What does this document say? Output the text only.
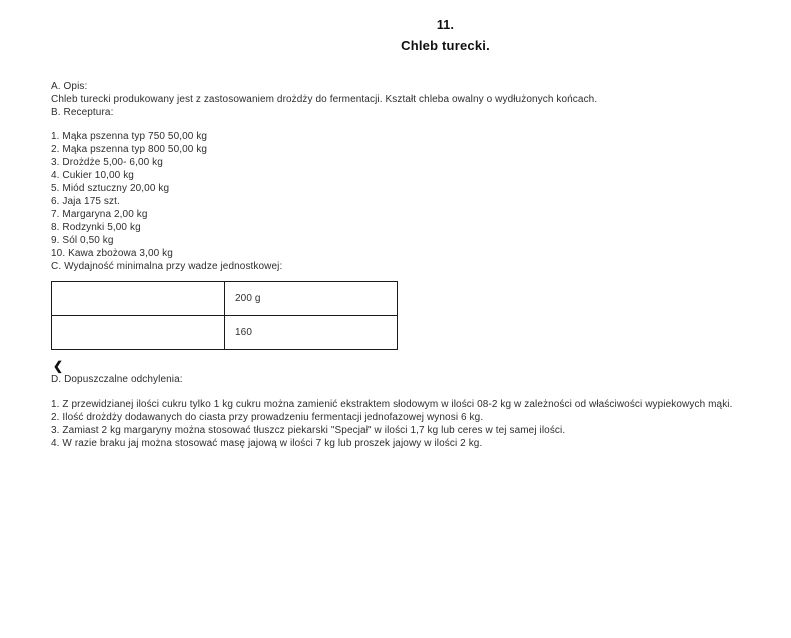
11.
Chleb turecki.

A. Opis:

Chleb turecki produkowany jest z zastosowaniem drożdży do fermentacji. Kształt chleba owalny o wydłużonych końcach.

B. Receptura:

1. Mąka pszenna typ 750 50,00 kg

2. Mąka pszenna typ 800 50,00 kg

3. Drożdże 5,00- 6,00 kg

4. Cukier 10,00 kg

5. Miód sztuczny 20,00 kg

6. Jaja 175 szt.

7. Margaryna 2,00 kg

8. Rodzynki 5,00 kg

9. Sól 0,50 kg

10. Kawa zbożowa 3,00 kg

C. Wydajność minimalna przy wadze jednostkowej:

	200 g
	160
❮

D. Dopuszczalne odchylenia:

1. Z przewidzianej ilości cukru tylko 1 kg cukru można zamienić ekstraktem słodowym w ilości 08-2 kg w zależności od właściwości wypiekowych mąki.

2. Ilość drożdży dodawanych do ciasta przy prowadzeniu fermentacji jednofazowej wynosi 6 kg.

3. Zamiast 2 kg margaryny można stosować tłuszcz piekarski "Specjał" w ilości 1,7 kg lub ceres w tej samej ilości.

4. W razie braku jaj można stosować masę jajową w ilości 7 kg lub proszek jajowy w ilości 2 kg.
